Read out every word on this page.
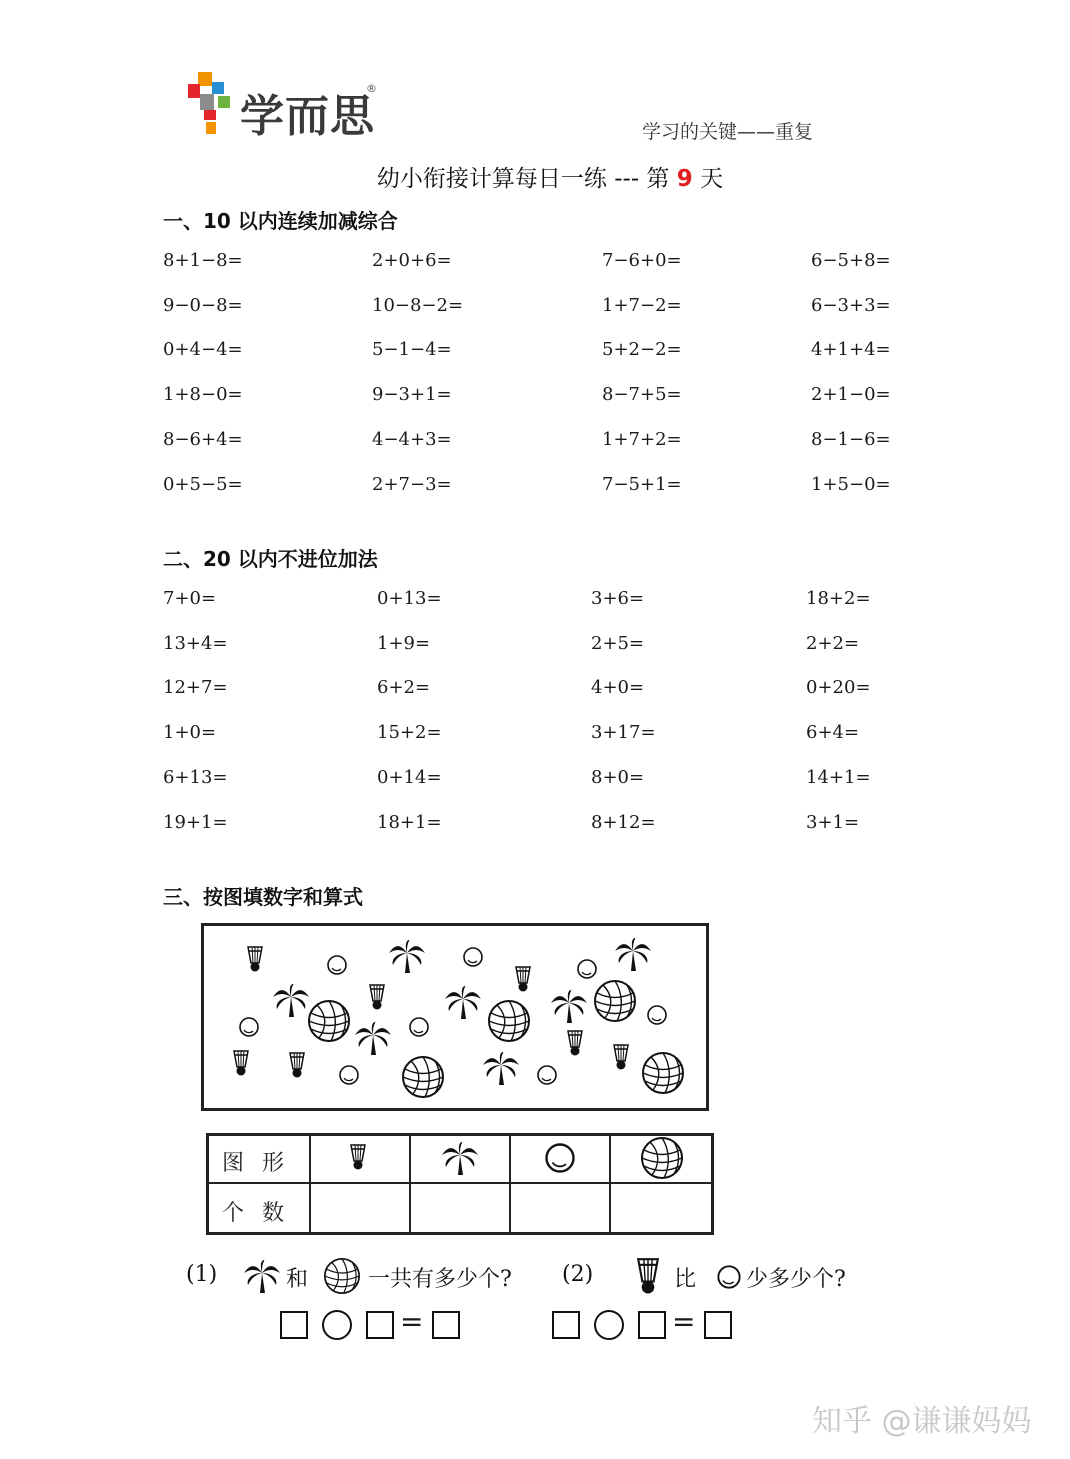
学而思
®
学习的关键——重复
幼小衔接计算每日一练 --- 第 9 天
一、10 以内连续加减综合
8+1−8=	2+0+6=	7−6+0=	6−5+8=
9−0−8=	10−8−2=	1+7−2=	6−3+3=
0+4−4=	5−1−4=	5+2−2=	4+1+4=
1+8−0=	9−3+1=	8−7+5=	2+1−0=
8−6+4=	4−4+3=	1+7+2=	8−1−6=
0+5−5=	2+7−3=	7−5+1=	1+5−0=
二、20 以内不进位加法
7+0=	0+13=	3+6=	18+2=
13+4=	1+9=	2+5=	2+2=
12+7=	6+2=	4+0=	0+20=
1+0=	15+2=	3+17=	6+4=
6+13=	0+14=	8+0=	14+1=
19+1=	18+1=	8+12=	3+1=
三、按图填数字和算式
图形
个数
(1)	和	一共有多少个? (2)	比 少多少个?
=	=
知乎 @谦谦妈妈
